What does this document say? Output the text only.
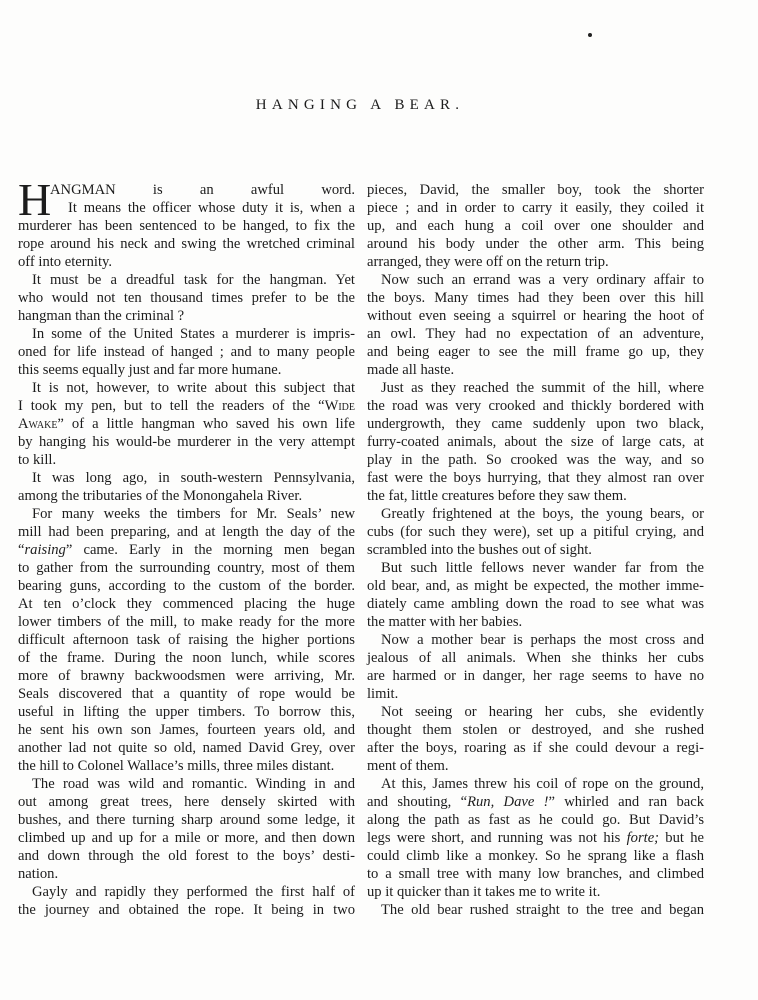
HANGING A BEAR.
H
ANGMAN is an awful word.
It means the officer whose duty it is, when a
murderer has been sentenced to be hanged, to fix the
rope around his neck and swing the wretched criminal
off into eternity.
It must be a dreadful task for the hangman. Yet
who would not ten thousand times prefer to be the
hangman than the criminal ?
In some of the United States a murderer is impris-
oned for life instead of hanged ; and to many people
this seems equally just and far more humane.
It is not, however, to write about this subject that
I took my pen, but to tell the readers of the “Wide
Awake” of a little hangman who saved his own life
by hanging his would-be murderer in the very attempt
to kill.
It was long ago, in south-western Pennsylvania,
among the tributaries of the Monongahela River.
For many weeks the timbers for Mr. Seals’ new
mill had been preparing, and at length the day of the
“raising” came. Early in the morning men began
to gather from the surrounding country, most of them
bearing guns, according to the custom of the border.
At ten o’clock they commenced placing the huge
lower timbers of the mill, to make ready for the more
difficult afternoon task of raising the higher portions
of the frame. During the noon lunch, while scores
more of brawny backwoodsmen were arriving, Mr.
Seals discovered that a quantity of rope would be
useful in lifting the upper timbers. To borrow this,
he sent his own son James, fourteen years old, and
another lad not quite so old, named David Grey, over
the hill to Colonel Wallace’s mills, three miles distant.
The road was wild and romantic. Winding in and
out among great trees, here densely skirted with
bushes, and there turning sharp around some ledge, it
climbed up and up for a mile or more, and then down
and down through the old forest to the boys’ desti-
nation.
Gayly and rapidly they performed the first half of
the journey and obtained the rope. It being in two
pieces, David, the smaller boy, took the shorter
piece ; and in order to carry it easily, they coiled it
up, and each hung a coil over one shoulder and
around his body under the other arm. This being
arranged, they were off on the return trip.
Now such an errand was a very ordinary affair to
the boys. Many times had they been over this hill
without even seeing a squirrel or hearing the hoot of
an owl. They had no expectation of an adventure,
and being eager to see the mill frame go up, they
made all haste.
Just as they reached the summit of the hill, where
the road was very crooked and thickly bordered with
undergrowth, they came suddenly upon two black,
furry-coated animals, about the size of large cats, at
play in the path. So crooked was the way, and so
fast were the boys hurrying, that they almost ran over
the fat, little creatures before they saw them.
Greatly frightened at the boys, the young bears, or
cubs (for such they were), set up a pitiful crying, and
scrambled into the bushes out of sight.
But such little fellows never wander far from the
old bear, and, as might be expected, the mother imme-
diately came ambling down the road to see what was
the matter with her babies.
Now a mother bear is perhaps the most cross and
jealous of all animals. When she thinks her cubs
are harmed or in danger, her rage seems to have no
limit.
Not seeing or hearing her cubs, she evidently
thought them stolen or destroyed, and she rushed
after the boys, roaring as if she could devour a regi-
ment of them.
At this, James threw his coil of rope on the ground,
and shouting, “Run, Dave !” whirled and ran back
along the path as fast as he could go. But David’s
legs were short, and running was not his forte; but he
could climb like a monkey. So he sprang like a flash
to a small tree with many low branches, and climbed
up it quicker than it takes me to write it.
The old bear rushed straight to the tree and began
